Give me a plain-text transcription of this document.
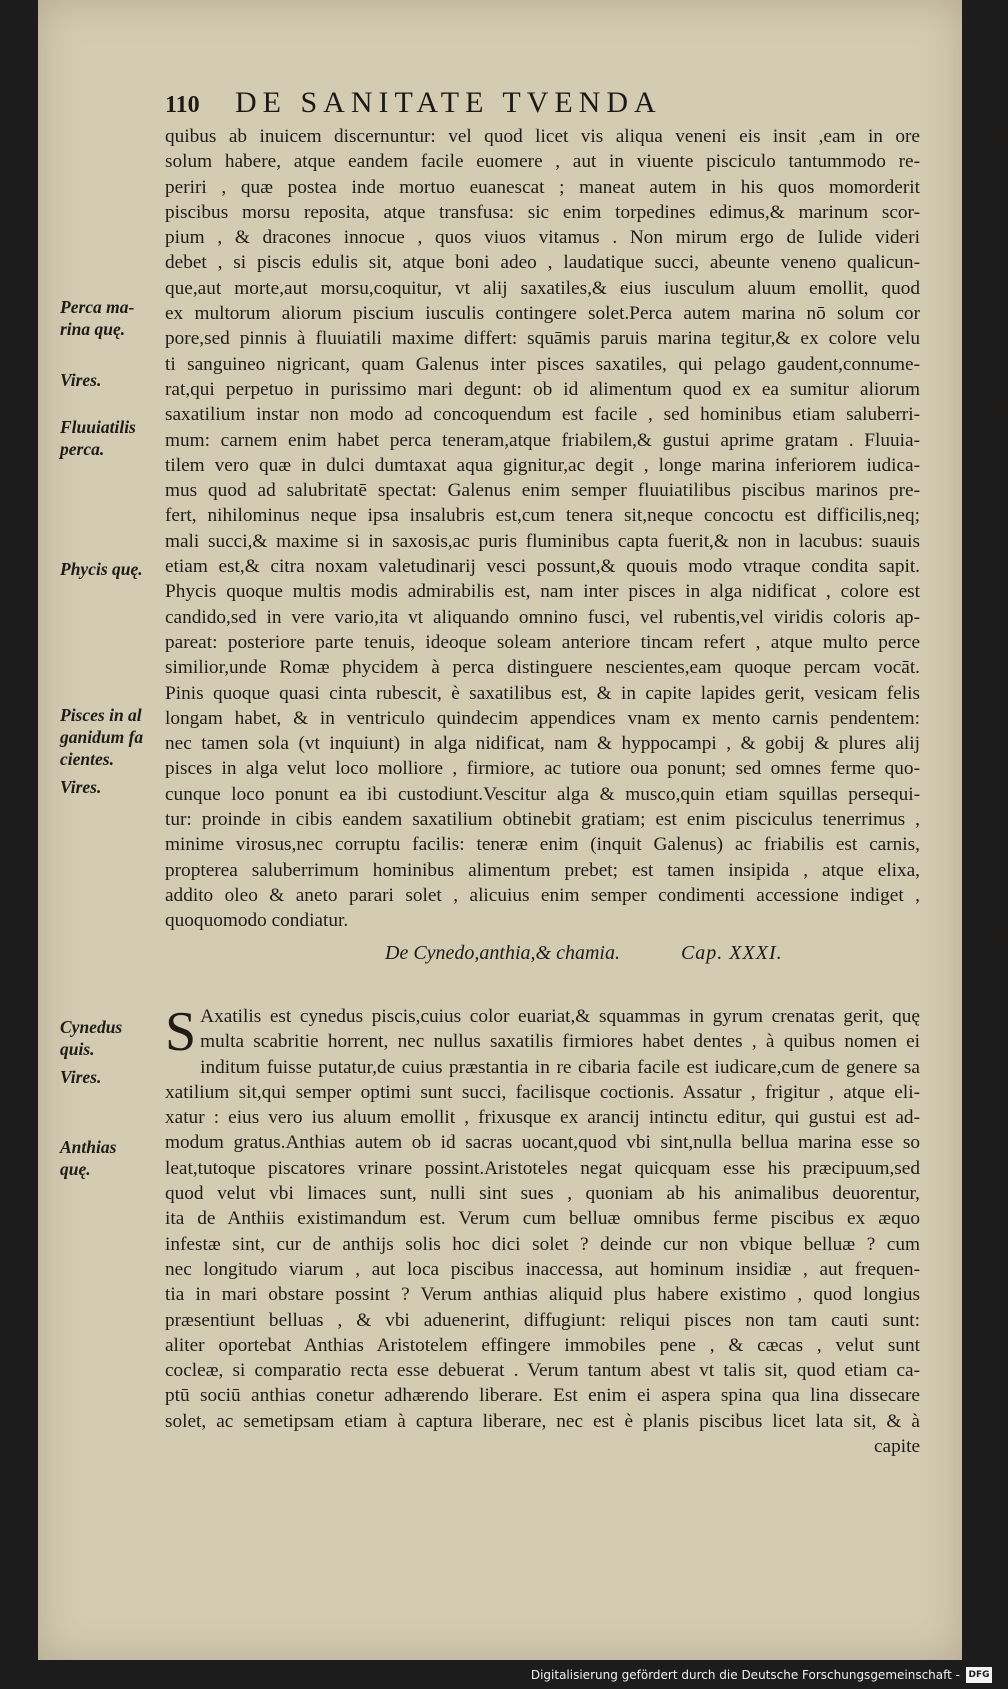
110	DE SANITATE TVENDA
Perca ma-
rina quę.
Vires.
Fluuiatilis
perca.
Phycis quę.
Pisces in al
ganidum fa
cientes.
Vires.
Cynedus
quis.
Vires.
Anthias
quę.
A
B
C
D
E
quibus ab inuicem discernuntur: vel quod licet vis aliqua veneni eis insit ,eam in ore
solum habere, atque eandem facile euomere , aut in viuente pisciculo tantummodo re-
periri , quæ postea inde mortuo euanescat ; maneat autem in his quos momorderit
piscibus morsu reposita, atque transfusa: sic enim torpedines edimus,& marinum scor-
pium , & dracones innocue , quos viuos vitamus . Non mirum ergo de Iulide videri
debet , si piscis edulis sit, atque boni adeo , laudatique succi, abeunte veneno qualicun-
que,aut morte,aut morsu,coquitur, vt alij saxatiles,& eius iusculum aluum emollit, quod
ex multorum aliorum piscium iusculis contingere solet.Perca autem marina nō solum cor
pore,sed pinnis à fluuiatili maxime differt: squāmis paruis marina tegitur,& ex colore velu
ti sanguineo nigricant, quam Galenus inter pisces saxatiles, qui pelago gaudent,connume-
rat,qui perpetuo in purissimo mari degunt: ob id alimentum quod ex ea sumitur aliorum
saxatilium instar non modo ad concoquendum est facile , sed hominibus etiam saluberri-
mum: carnem enim habet perca teneram,atque friabilem,& gustui aprime gratam . Fluuia-
tilem vero quæ in dulci dumtaxat aqua gignitur,ac degit , longe marina inferiorem iudica-
mus quod ad salubritatē spectat: Galenus enim semper fluuiatilibus piscibus marinos pre-
fert, nihilominus neque ipsa insalubris est,cum tenera sit,neque concoctu est difficilis,neq;
mali succi,& maxime si in saxosis,ac puris fluminibus capta fuerit,& non in lacubus: suauis
etiam est,& citra noxam valetudinarij vesci possunt,& quouis modo vtraque condita sapit.
Phycis quoque multis modis admirabilis est, nam inter pisces in alga nidificat , colore est
candido,sed in vere vario,ita vt aliquando omnino fusci, vel rubentis,vel viridis coloris ap-
pareat: posteriore parte tenuis, ideoque soleam anteriore tincam refert , atque multo perce
similior,unde Romæ phycidem à perca distinguere nescientes,eam quoque percam vocāt.
Pinis quoque quasi cinta rubescit, è saxatilibus est, & in capite lapides gerit, vesicam felis
longam habet, & in ventriculo quindecim appendices vnam ex mento carnis pendentem:
nec tamen sola (vt inquiunt) in alga nidificat, nam & hyppocampi , & gobij & plures alij
pisces in alga velut loco molliore , firmiore, ac tutiore oua ponunt; sed omnes ferme quo-
cunque loco ponunt ea ibi custodiunt.Vescitur alga & musco,quin etiam squillas persequi-
tur: proinde in cibis eandem saxatilium obtinebit gratiam; est enim pisciculus tenerrimus ,
minime virosus,nec corruptu facilis: teneræ enim (inquit Galenus) ac friabilis est carnis,
propterea saluberrimum hominibus alimentum prebet; est tamen insipida , atque elixa,
addito oleo & aneto parari solet , alicuius enim semper condimenti accessione indiget ,
quoquomodo condiatur.
De Cynedo,anthia,& chamia.	Cap. XXXI.
S Axatilis est cynedus piscis,cuius color euariat,& squammas in gyrum crenatas gerit, quę
multa scabritie horrent, nec nullus saxatilis firmiores habet dentes , à quibus nomen ei
inditum fuisse putatur,de cuius præstantia in re cibaria facile est iudicare,cum de genere sa
xatilium sit,qui semper optimi sunt succi, facilisque coctionis. Assatur , frigitur , atque eli-
xatur : eius vero ius aluum emollit , frixusque ex arancij intinctu editur, qui gustui est ad-
modum gratus.Anthias autem ob id sacras uocant,quod vbi sint,nulla bellua marina esse so
leat,tutoque piscatores vrinare possint.Aristoteles negat quicquam esse his præcipuum,sed
quod velut vbi limaces sunt, nulli sint sues , quoniam ab his animalibus deuorentur,
ita de Anthiis existimandum est. Verum cum belluæ omnibus ferme piscibus ex æquo
infestæ sint, cur de anthijs solis hoc dici solet ? deinde cur non vbique belluæ ? cum
nec longitudo viarum , aut loca piscibus inaccessa, aut hominum insidiæ , aut frequen-
tia in mari obstare possint ? Verum anthias aliquid plus habere existimo , quod longius
præsentiunt belluas , & vbi aduenerint, diffugiunt: reliqui pisces non tam cauti sunt:
aliter oportebat Anthias Aristotelem effingere immobiles pene , & cæcas , velut sunt
cocleæ, si comparatio recta esse debuerat . Verum tantum abest vt talis sit, quod etiam ca-
ptū sociū anthias conetur adhærendo liberare. Est enim ei aspera spina qua lina dissecare
solet, ac semetipsam etiam à captura liberare, nec est è planis piscibus licet lata sit, & à
capite
Digitalisierung gefördert durch die Deutsche Forschungsgemeinschaft - DFG
